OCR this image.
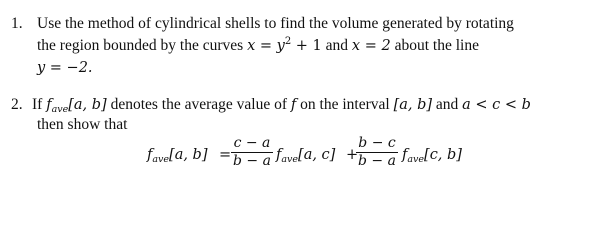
1. Use the method of cylindrical shells to find the volume generated by rotating
the region bounded by the curves $x = y^2 + 1$ and x = 2 about the line
y = −2.
2. If $f_{ave}[a$, b] denotes the average value of f on the interval [a, b] and a < c < b
then show that
$f_{ave}[a$, b] =
c − a
b − a $f_{ave}[a$, c] +
b − c
b − a $f_{ave}[c$, b]
